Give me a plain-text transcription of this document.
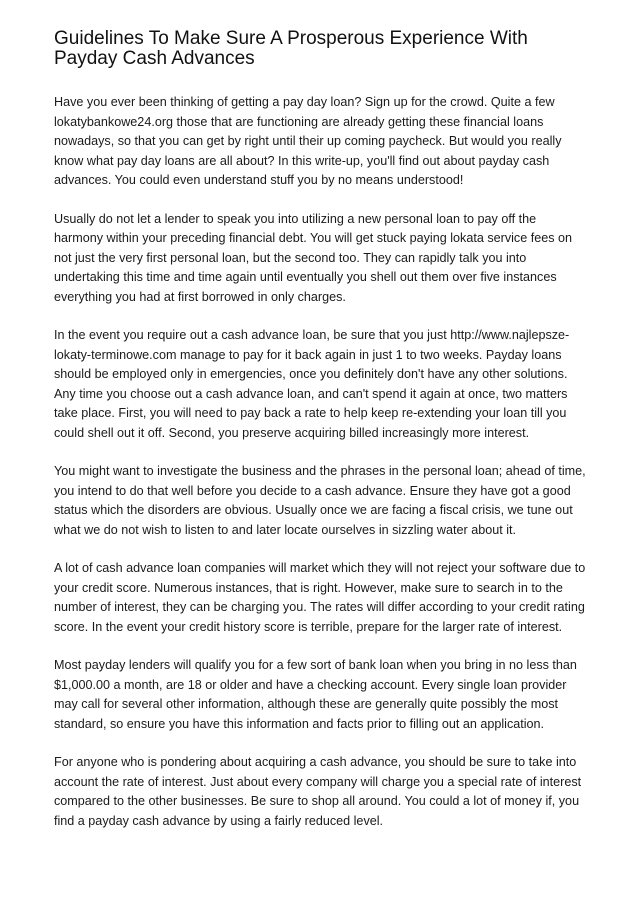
Guidelines To Make Sure A Prosperous Experience With Payday Cash Advances

Have you ever been thinking of getting a pay day loan? Sign up for the crowd. Quite a few lokatybankowe24.org those that are functioning are already getting these financial loans nowadays, so that you can get by right until their up coming paycheck. But would you really know what pay day loans are all about? In this write-up, you'll find out about payday cash advances. You could even understand stuff you by no means understood!

Usually do not let a lender to speak you into utilizing a new personal loan to pay off the harmony within your preceding financial debt. You will get stuck paying lokata service fees on not just the very first personal loan, but the second too. They can rapidly talk you into undertaking this time and time again until eventually you shell out them over five instances everything you had at first borrowed in only charges.

In the event you require out a cash advance loan, be sure that you just http://www.najlepsze-lokaty-terminowe.com manage to pay for it back again in just 1 to two weeks. Payday loans should be employed only in emergencies, once you definitely don't have any other solutions. Any time you choose out a cash advance loan, and can't spend it again at once, two matters take place. First, you will need to pay back a rate to help keep re-extending your loan till you could shell out it off. Second, you preserve acquiring billed increasingly more interest.

You might want to investigate the business and the phrases in the personal loan; ahead of time, you intend to do that well before you decide to a cash advance. Ensure they have got a good status which the disorders are obvious. Usually once we are facing a fiscal crisis, we tune out what we do not wish to listen to and later locate ourselves in sizzling water about it.

A lot of cash advance loan companies will market which they will not reject your software due to your credit score. Numerous instances, that is right. However, make sure to search in to the number of interest, they can be charging you. The rates will differ according to your credit rating score. In the event your credit history score is terrible, prepare for the larger rate of interest.

Most payday lenders will qualify you for a few sort of bank loan when you bring in no less than $1,000.00 a month, are 18 or older and have a checking account. Every single loan provider may call for several other information, although these are generally quite possibly the most standard, so ensure you have this information and facts prior to filling out an application.

For anyone who is pondering about acquiring a cash advance, you should be sure to take into account the rate of interest. Just about every company will charge you a special rate of interest compared to the other businesses. Be sure to shop all around. You could a lot of money if, you find a payday cash advance by using a fairly reduced level.
